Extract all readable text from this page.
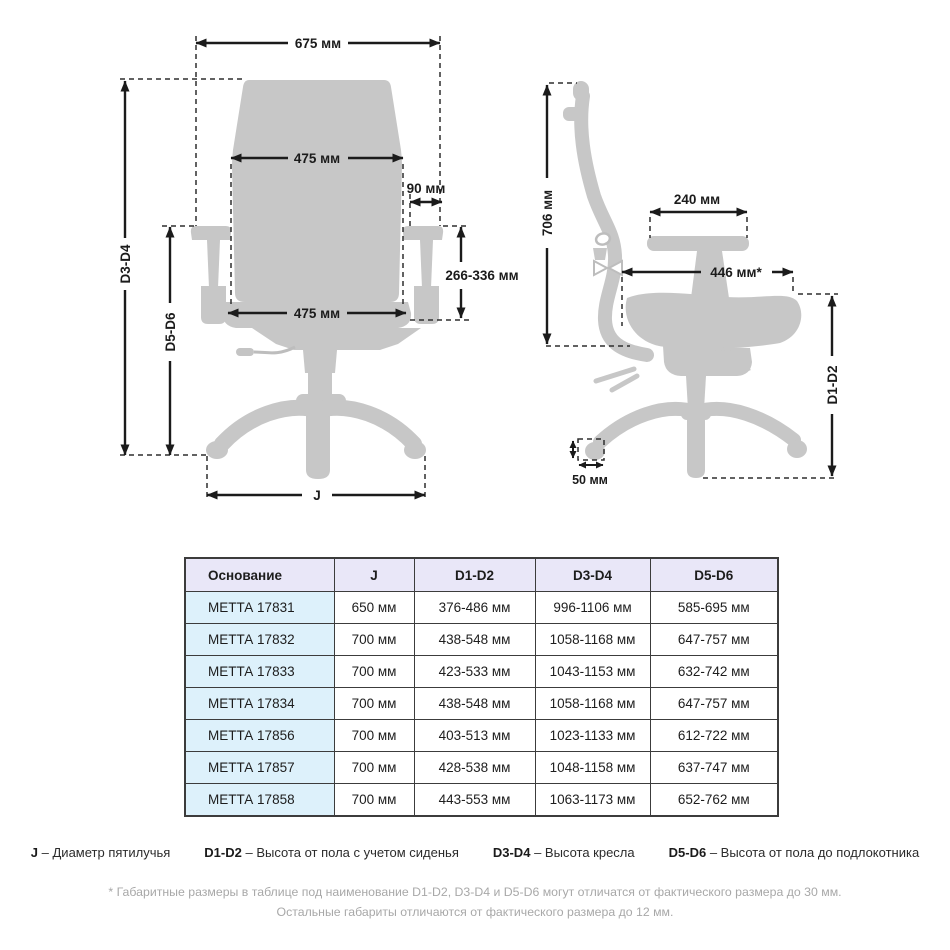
675 мм
475 мм
475 мм
90 мм
266-336 мм
D3-D4
D5-D6
J
706 мм	240 мм
446 мм*
D1-D2
50 мм
Основание	J	D1-D2	D3-D4	D5-D6
МЕТТА 17831	650 мм	376-486 мм	996-1106 мм	585-695 мм
МЕТТА 17832	700 мм	438-548 мм	1058-1168 мм	647-757 мм
МЕТТА 17833	700 мм	423-533 мм	1043-1153 мм	632-742 мм
МЕТТА 17834	700 мм	438-548 мм	1058-1168 мм	647-757 мм
МЕТТА 17856	700 мм	403-513 мм	1023-1133 мм	612-722 мм
МЕТТА 17857	700 мм	428-538 мм	1048-1158 мм	637-747 мм
МЕТТА 17858	700 мм	443-553 мм	1063-1173 мм	652-762 мм
J – Диаметр пятилучья	D1-D2 – Высота от пола с учетом сиденья	D3-D4 – Высота кресла	D5-D6 – Высота от пола до подлокотника
* Габаритные размеры в таблице под наименование D1-D2, D3-D4 и D5-D6 могут отличатся от фактического размера до 30 мм.
Остальные габариты отличаются от фактического размера до 12 мм.
